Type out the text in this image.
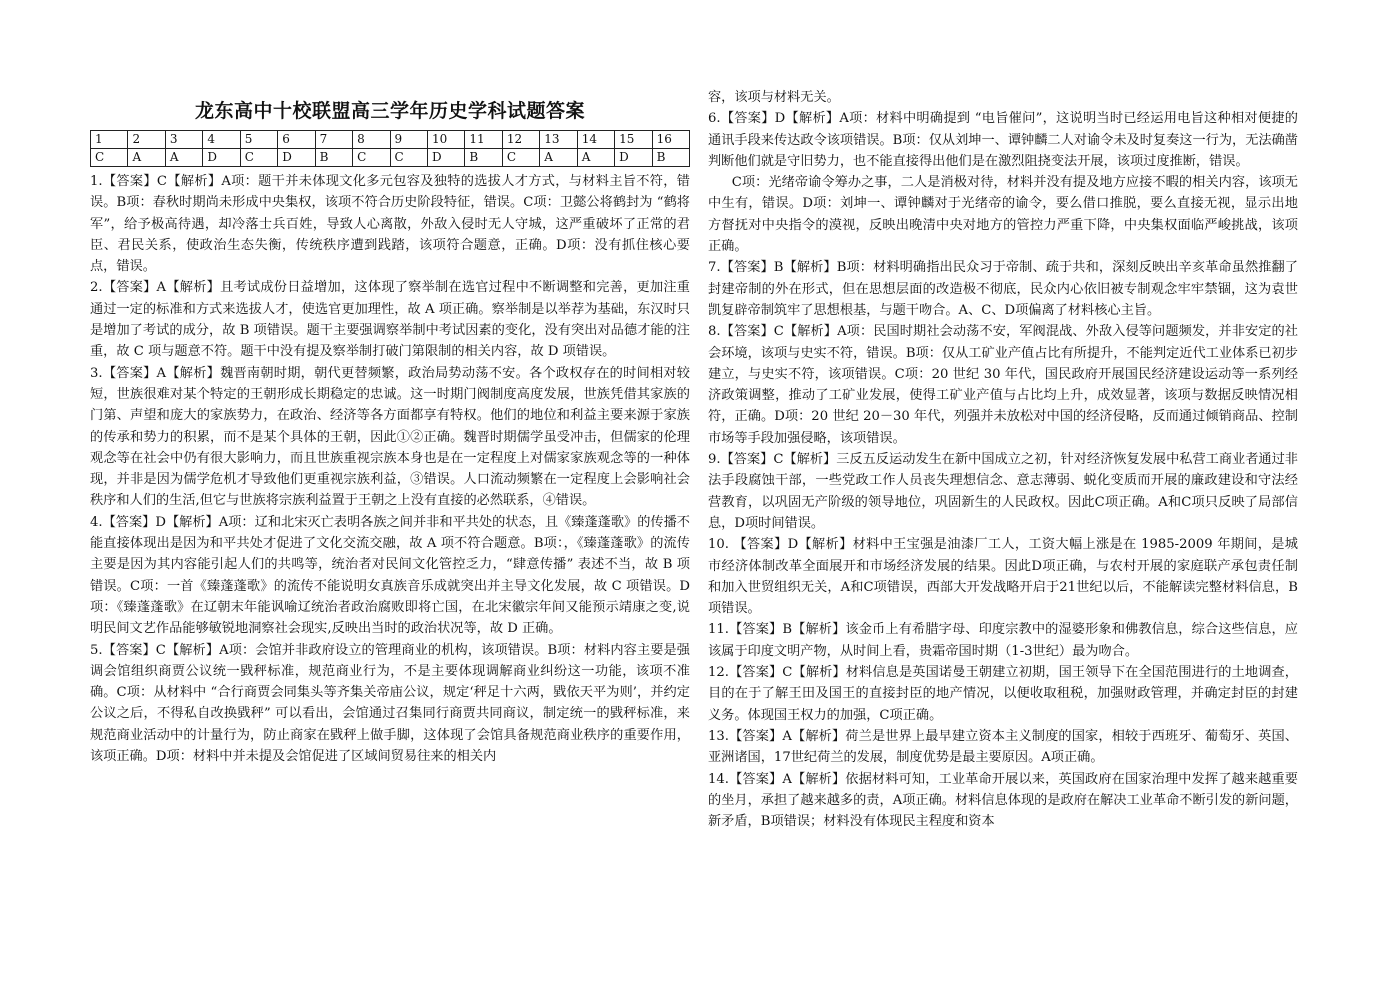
龙东高中十校联盟高三学年历史学科试题答案
1	2	3	4	5	6	7	8	9	10	11	12	13	14	15	16
C	A	A	D	C	D	B	C	C	D	B	C	A	A	D	B

1.【答案】C【解析】A项：题干并未体现文化多元包容及独特的选拔人才方式，与材料主旨不符，错误。B项：春秋时期尚未形成中央集权，该项不符合历史阶段特征，错误。C项：卫懿公将鹤封为 “鹤将军”，给予极高待遇，却冷落士兵百姓，导致人心离散，外敌入侵时无人守城，这严重破坏了正常的君臣、君民关系，使政治生态失衡，传统秩序遭到践踏，该项符合题意，正确。D项：没有抓住核心要点，错误。

2.【答案】A【解析】且考试成份日益增加，这体现了察举制在选官过程中不断调整和完善，更加注重通过一定的标准和方式来选拔人才，使选官更加理性，故 A 项正确。察举制是以举荐为基础，东汉时只是增加了考试的成分，故 B 项错误。题干主要强调察举制中考试因素的变化，没有突出对品德才能的注重，故 C 项与题意不符。题干中没有提及察举制打破门第限制的相关内容，故 D 项错误。

3.【答案】A【解析】魏晋南朝时期，朝代更替频繁，政治局势动荡不安。各个政权存在的时间相对较短，世族很难对某个特定的王朝形成长期稳定的忠诚。这一时期门阀制度高度发展，世族凭借其家族的门第、声望和庞大的家族势力，在政治、经济等各方面都享有特权。他们的地位和利益主要来源于家族的传承和势力的积累，而不是某个具体的王朝，因此①②正确。魏晋时期儒学虽受冲击，但儒家的伦理观念等在社会中仍有很大影响力，而且世族重视宗族本身也是在一定程度上对儒家家族观念等的一种体现，并非是因为儒学危机才导致他们更重视宗族利益，③错误。人口流动频繁在一定程度上会影响社会秩序和人们的生活,但它与世族将宗族利益置于王朝之上没有直接的必然联系，④错误。

4.【答案】D【解析】A项：辽和北宋灭亡表明各族之间并非和平共处的状态，且《臻蓬蓬歌》的传播不能直接体现出是因为和平共处才促进了文化交流交融，故 A 项不符合题意。B项：，《臻蓬蓬歌》的流传主要是因为其内容能引起人们的共鸣等，统治者对民间文化管控乏力，“肆意传播” 表述不当，故 B 项错误。C项：一首《臻蓬蓬歌》的流传不能说明女真族音乐成就突出并主导文化发展，故 C 项错误。D项：《臻蓬蓬歌》在辽朝末年能讽喻辽统治者政治腐败即将亡国，在北宋徽宗年间又能预示靖康之变,说明民间文艺作品能够敏锐地洞察社会现实,反映出当时的政治状况等，故 D 正确。

5.【答案】C【解析】A项：会馆并非政府设立的管理商业的机构，该项错误。B项：材料内容主要是强调会馆组织商贾公议统一戥秤标准，规范商业行为，不是主要体现调解商业纠纷这一功能，该项不准确。C项：从材料中 “合行商贾会同集头等齐集关帝庙公议，规定‘秤足十六两，戥依天平为则’，并约定公议之后，不得私自改换戥秤” 可以看出，会馆通过召集同行商贾共同商议，制定统一的戥秤标准，来规范商业活动中的计量行为，防止商家在戥秤上做手脚，这体现了会馆具备规范商业秩序的重要作用，该项正确。D项：材料中并未提及会馆促进了区域间贸易往来的相关内

容，该项与材料无关。

6.【答案】D【解析】A项：材料中明确提到 “电旨催问”，这说明当时已经运用电旨这种相对便捷的通讯手段来传达政令该项错误。B项：仅从刘坤一、谭钟麟二人对谕令未及时复奏这一行为，无法确凿判断他们就是守旧势力，也不能直接得出他们是在激烈阻挠变法开展，该项过度推断，错误。

C项：光绪帝谕令筹办之事，二人是消极对待，材料并没有提及地方应接不暇的相关内容，该项无中生有，错误。D项：刘坤一、谭钟麟对于光绪帝的谕令，要么借口推脱，要么直接无视，显示出地方督抚对中央指令的漠视，反映出晚清中央对地方的管控力严重下降，中央集权面临严峻挑战，该项正确。

7.【答案】B【解析】B项：材料明确指出民众习于帝制、疏于共和，深刻反映出辛亥革命虽然推翻了封建帝制的外在形式，但在思想层面的改造极不彻底，民众内心依旧被专制观念牢牢禁锢，这为袁世凯复辟帝制筑牢了思想根基，与题干吻合。A、C、D项偏离了材料核心主旨。

8.【答案】C【解析】A项：民国时期社会动荡不安，军阀混战、外敌入侵等问题频发，并非安定的社会环境，该项与史实不符，错误。B项：仅从工矿业产值占比有所提升，不能判定近代工业体系已初步建立，与史实不符，该项错误。C项：20 世纪 30 年代，国民政府开展国民经济建设运动等一系列经济政策调整，推动了工矿业发展，使得工矿业产值与占比均上升，成效显著，该项与数据反映情况相符，正确。D项：20 世纪 20－30 年代，列强并未放松对中国的经济侵略，反而通过倾销商品、控制市场等手段加强侵略，该项错误。

9.【答案】C【解析】三反五反运动发生在新中国成立之初，针对经济恢复发展中私营工商业者通过非法手段腐蚀干部，一些党政工作人员丧失理想信念、意志薄弱、蜕化变质而开展的廉政建设和守法经营教育，以巩固无产阶级的领导地位，巩固新生的人民政权。因此C项正确。A和C项只反映了局部信息，D项时间错误。

10. 【答案】D【解析】材料中王宝强是油漆厂工人，工资大幅上涨是在 1985-2009 年期间，是城市经济体制改革全面展开和市场经济发展的结果。因此D项正确，与农村开展的家庭联产承包责任制和加入世贸组织无关，A和C项错误，西部大开发战略开启于21世纪以后，不能解读完整材料信息，B项错误。

11.【答案】B【解析】该金币上有希腊字母、印度宗教中的湿婆形象和佛教信息，综合这些信息，应该属于印度文明产物，从时间上看，贵霜帝国时期（1-3世纪）最为吻合。

12.【答案】C【解析】材料信息是英国诺曼王朝建立初期，国王领导下在全国范围进行的土地调查，目的在于了解王田及国王的直接封臣的地产情况，以便收取租税，加强财政管理，并确定封臣的封建义务。体现国王权力的加强，C项正确。

13.【答案】A【解析】荷兰是世界上最早建立资本主义制度的国家，相较于西班牙、葡萄牙、英国、亚洲诸国，17世纪荷兰的发展，制度优势是最主要原因。A项正确。

14.【答案】A【解析】依据材料可知，工业革命开展以来，英国政府在国家治理中发挥了越来越重要的坐月，承担了越来越多的责，A项正确。材料信息体现的是政府在解决工业革命不断引发的新问题，新矛盾，B项错误；材料没有体现民主程度和资本
